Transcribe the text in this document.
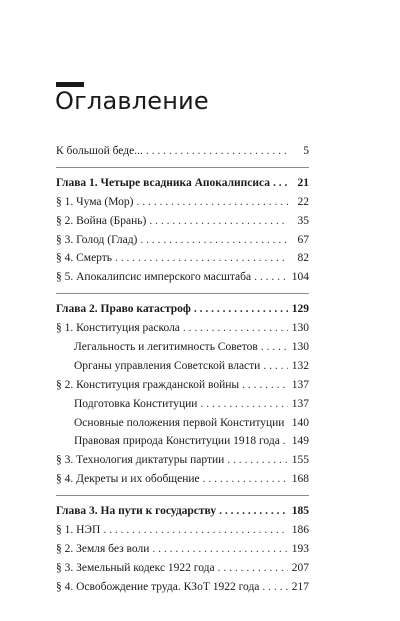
Оглавление
К большой беде... . . .	5
Глава 1. Четыре всадника Апокалипсиса . . .	21
§ 1. Чума (Мор) . . .	22
§ 2. Война (Брань) . . .	35
§ 3. Голод (Глад) . . .	67
§ 4. Смерть . . .	82
§ 5. Апокалипсис имперского масштаба . . .	104
Глава 2. Право катастроф . . .	129
§ 1. Конституция раскола . . .	130
Легальность и легитимность Советов . . .	130
Органы управления Советской власти . . .	132
§ 2. Конституция гражданской войны . . .	137
Подготовка Конституции . . .	137
Основные положения первой Конституции . . . 140
Правовая природа Конституции 1918 года . . . 149
§ 3. Технология диктатуры партии . . .	155
§ 4. Декреты и их обобщение . . .	168
Глава 3. На пути к государству . . .	185
§ 1. НЭП . . .	186
§ 2. Земля без воли . . .	193
§ 3. Земельный кодекс 1922 года . . .	207
§ 4. Освобождение труда. КЗоТ 1922 года . . .	217
